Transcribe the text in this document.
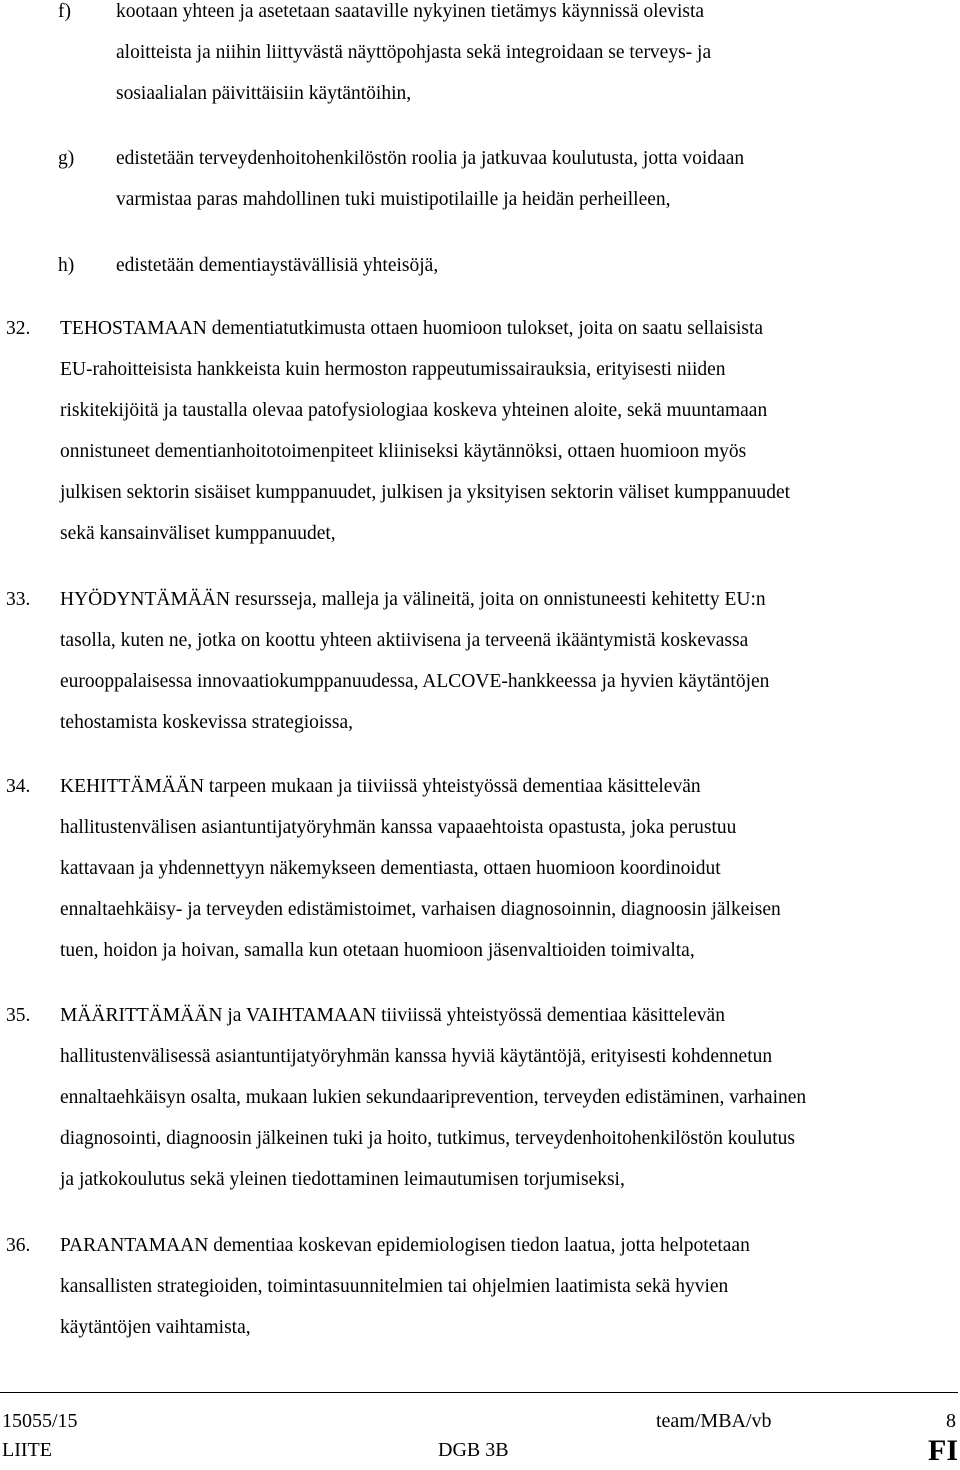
f) kootaan yhteen ja asetetaan saataville nykyinen tietämys käynnissä olevista
aloitteista ja niihin liittyvästä näyttöpohjasta sekä integroidaan se terveys- ja
sosiaalialan päivittäisiin käytäntöihin,
g) edistetään terveydenhoitohenkilöstön roolia ja jatkuvaa koulutusta, jotta voidaan
varmistaa paras mahdollinen tuki muistipotilaille ja heidän perheilleen,
h) edistetään dementiaystävällisiä yhteisöjä,
32. TEHOSTAMAAN dementiatutkimusta ottaen huomioon tulokset, joita on saatu sellaisista
EU-rahoitteisista hankkeista kuin hermoston rappeutumissairauksia, erityisesti niiden
riskitekijöitä ja taustalla olevaa patofysiologiaa koskeva yhteinen aloite, sekä muuntamaan
onnistuneet dementianhoitotoimenpiteet kliiniseksi käytännöksi, ottaen huomioon myös
julkisen sektorin sisäiset kumppanuudet, julkisen ja yksityisen sektorin väliset kumppanuudet
sekä kansainväliset kumppanuudet,
33. HYÖDYNTÄMÄÄN resursseja, malleja ja välineitä, joita on onnistuneesti kehitetty EU:n
tasolla, kuten ne, jotka on koottu yhteen aktiivisena ja terveenä ikääntymistä koskevassa
eurooppalaisessa innovaatiokumppanuudessa, ALCOVE-hankkeessa ja hyvien käytäntöjen
tehostamista koskevissa strategioissa,
34. KEHITTÄMÄÄN tarpeen mukaan ja tiiviissä yhteistyössä dementiaa käsittelevän
hallitustenvälisen asiantuntijatyöryhmän kanssa vapaaehtoista opastusta, joka perustuu
kattavaan ja yhdennettyyn näkemykseen dementiasta, ottaen huomioon koordinoidut
ennaltaehkäisy- ja terveyden edistämistoimet, varhaisen diagnosoinnin, diagnoosin jälkeisen
tuen, hoidon ja hoivan, samalla kun otetaan huomioon jäsenvaltioiden toimivalta,
35. MÄÄRITTÄMÄÄN ja VAIHTAMAAN tiiviissä yhteistyössä dementiaa käsittelevän
hallitustenvälisessä asiantuntijatyöryhmän kanssa hyviä käytäntöjä, erityisesti kohdennetun
ennaltaehkäisyn osalta, mukaan lukien sekundaariprevention, terveyden edistäminen, varhainen
diagnosointi, diagnoosin jälkeinen tuki ja hoito, tutkimus, terveydenhoitohenkilöstön koulutus
ja jatkokoulutus sekä yleinen tiedottaminen leimautumisen torjumiseksi,
36. PARANTAMAAN dementiaa koskevan epidemiologisen tiedon laatua, jotta helpotetaan
kansallisten strategioiden, toimintasuunnitelmien tai ohjelmien laatimista sekä hyvien
käytäntöjen vaihtamista,
15055/15	team/MBA/vb	8
LIITE	DGB 3B	FI
